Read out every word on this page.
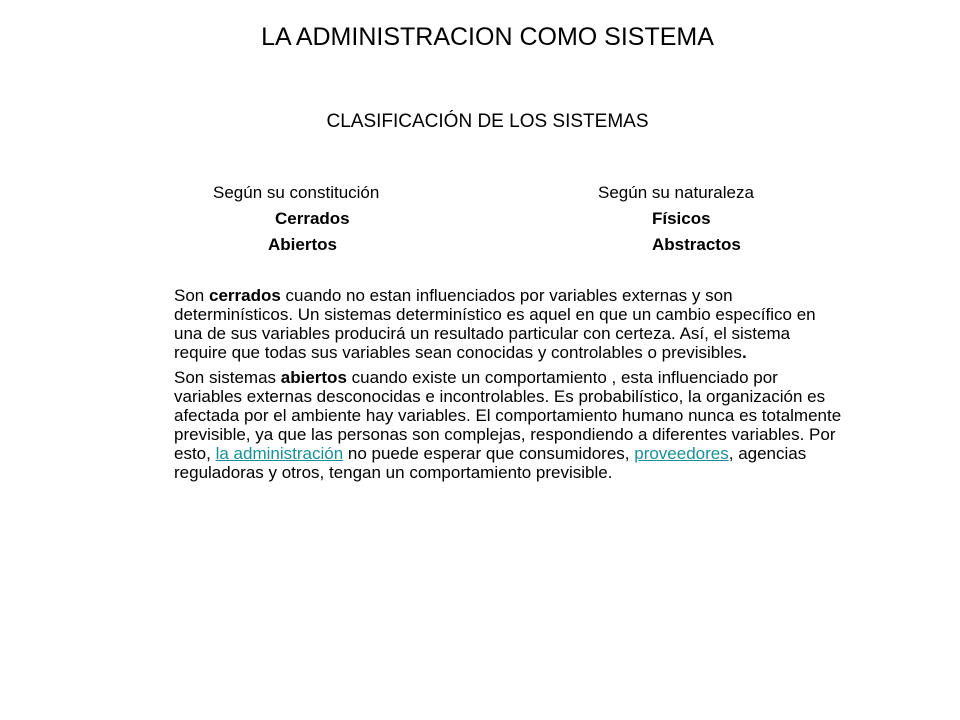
LA ADMINISTRACION COMO SISTEMA
CLASIFICACIÓN DE LOS SISTEMAS
Según su constitución
Cerrados
Abiertos
Según su naturaleza
Físicos
Abstractos

Son cerrados cuando no estan influenciados por variables externas y son determinísticos. Un sistemas determinístico es aquel en que un cambio específico en una de sus variables producirá un resultado particular con certeza. Así, el sistema require que todas sus variables sean conocidas y controlables o previsibles.

Son sistemas abiertos cuando existe un comportamiento , esta influenciado por variables externas desconocidas e incontrolables. Es probabilístico, la organización es afectada por el ambiente hay variables. El comportamiento humano nunca es totalmente previsible, ya que las personas son complejas, respondiendo a diferentes variables. Por esto, la administración no puede esperar que consumidores, proveedores, agencias reguladoras y otros, tengan un comportamiento previsible.
